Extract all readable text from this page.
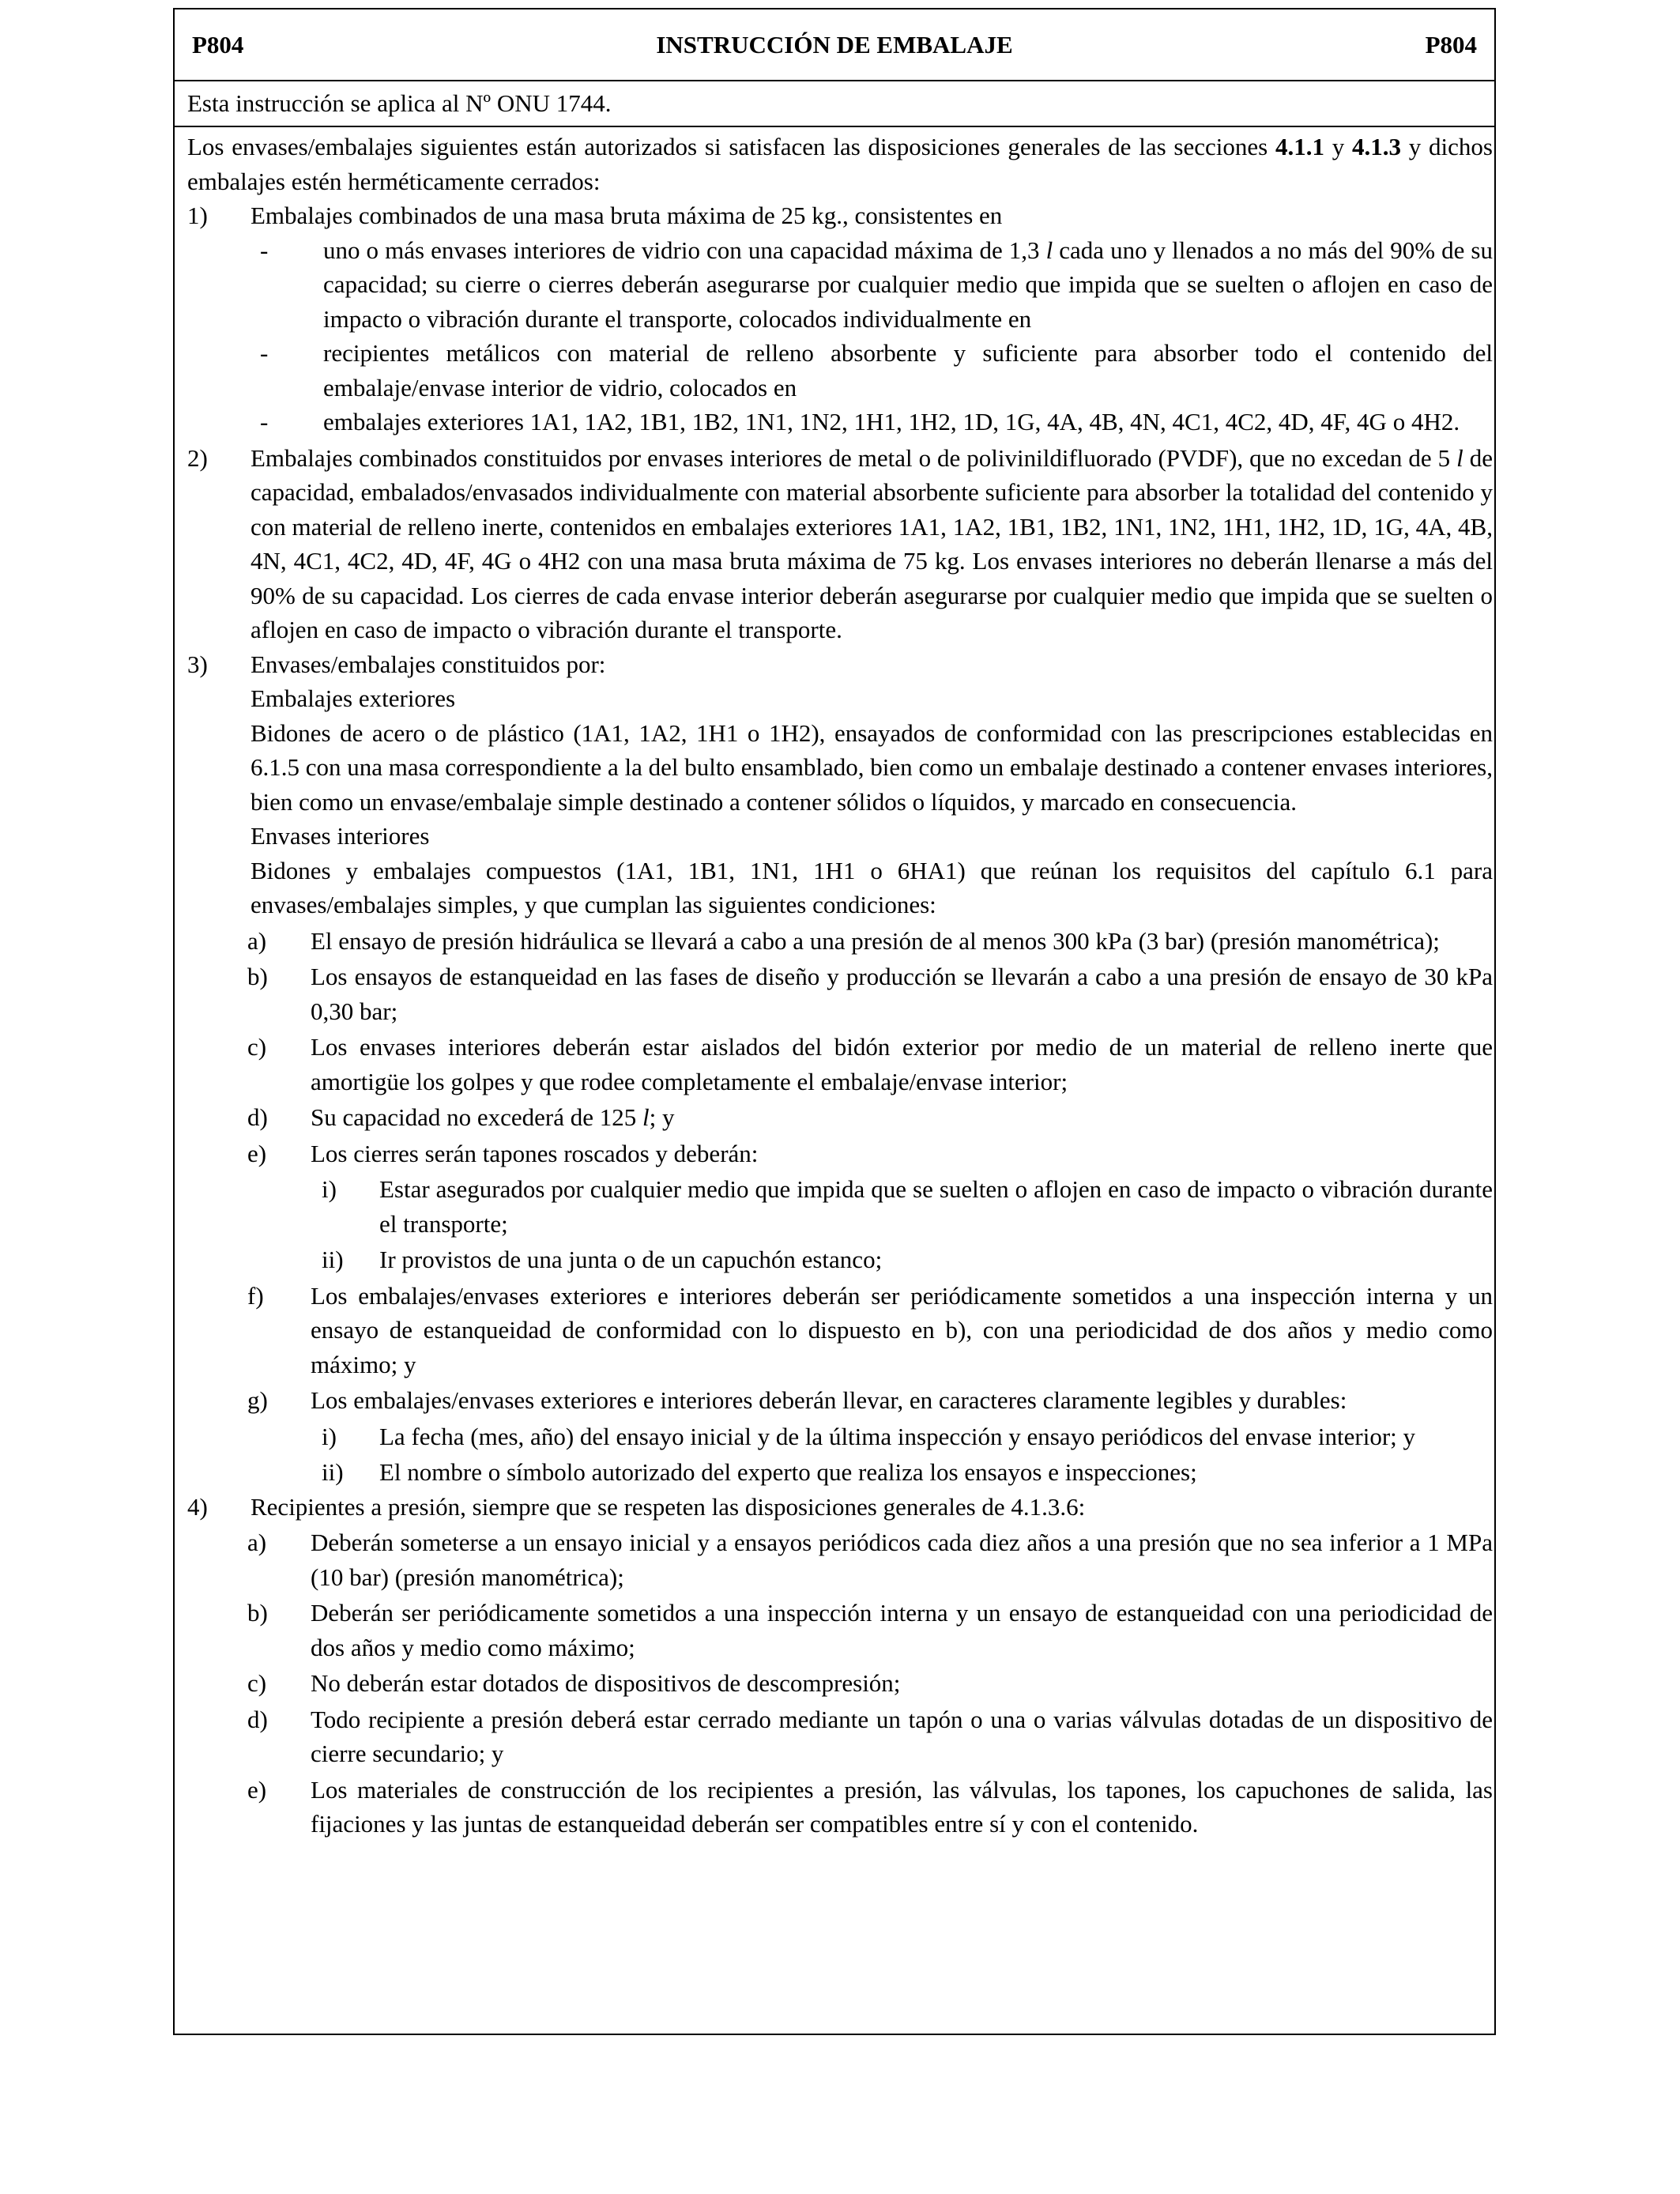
P804	INSTRUCCIÓN DE EMBALAJE	P804
Esta instrucción se aplica al Nº ONU 1744.

Los envases/embalajes siguientes están autorizados si satisfacen las disposiciones generales de las secciones 4.1.1 y 4.1.3 y dichos embalajes estén herméticamente cerrados:

1) Embalajes combinados de una masa bruta máxima de 25 kg., consistentes en
- uno o más envases interiores de vidrio con una capacidad máxima de 1,3 l cada uno y llenados a no más del 90% de su capacidad; su cierre o cierres deberán asegurarse por cualquier medio que impida que se suelten o aflojen en caso de impacto o vibración durante el transporte, colocados individualmente en
- recipientes metálicos con material de relleno absorbente y suficiente para absorber todo el contenido del embalaje/envase interior de vidrio, colocados en
- embalajes exteriores 1A1, 1A2, 1B1, 1B2, 1N1, 1N2, 1H1, 1H2, 1D, 1G, 4A, 4B, 4N, 4C1, 4C2, 4D, 4F, 4G o 4H2.
2) Embalajes combinados constituidos por envases interiores de metal o de polivinildifluorado (PVDF), que no excedan de 5 l de capacidad, embalados/envasados individualmente con material absorbente suficiente para absorber la totalidad del contenido y con material de relleno inerte, contenidos en embalajes exteriores 1A1, 1A2, 1B1, 1B2, 1N1, 1N2, 1H1, 1H2, 1D, 1G, 4A, 4B, 4N, 4C1, 4C2, 4D, 4F, 4G o 4H2 con una masa bruta máxima de 75 kg. Los envases interiores no deberán llenarse a más del 90% de su capacidad. Los cierres de cada envase interior deberán asegurarse por cualquier medio que impida que se suelten o aflojen en caso de impacto o vibración durante el transporte.
3) Envases/embalajes constituidos por:

Embalajes exteriores

Bidones de acero o de plástico (1A1, 1A2, 1H1 o 1H2), ensayados de conformidad con las prescripciones establecidas en 6.1.5 con una masa correspondiente a la del bulto ensamblado, bien como un embalaje destinado a contener envases interiores, bien como un envase/embalaje simple destinado a contener sólidos o líquidos, y marcado en consecuencia.

Envases interiores

Bidones y embalajes compuestos (1A1, 1B1, 1N1, 1H1 o 6HA1) que reúnan los requisitos del capítulo 6.1 para envases/embalajes simples, y que cumplan las siguientes condiciones:

a) El ensayo de presión hidráulica se llevará a cabo a una presión de al menos 300 kPa (3 bar) (presión manométrica);
b) Los ensayos de estanqueidad en las fases de diseño y producción se llevarán a cabo a una presión de ensayo de 30 kPa 0,30 bar;
c) Los envases interiores deberán estar aislados del bidón exterior por medio de un material de relleno inerte que amortigüe los golpes y que rodee completamente el embalaje/envase interior;
d) Su capacidad no excederá de 125 l; y
e) Los cierres serán tapones roscados y deberán:
i) Estar asegurados por cualquier medio que impida que se suelten o aflojen en caso de impacto o vibración durante el transporte;
ii) Ir provistos de una junta o de un capuchón estanco;
f) Los embalajes/envases exteriores e interiores deberán ser periódicamente sometidos a una inspección interna y un ensayo de estanqueidad de conformidad con lo dispuesto en b), con una periodicidad de dos años y medio como máximo; y
g) Los embalajes/envases exteriores e interiores deberán llevar, en caracteres claramente legibles y durables:
i) La fecha (mes, año) del ensayo inicial y de la última inspección y ensayo periódicos del envase interior; y
ii) El nombre o símbolo autorizado del experto que realiza los ensayos e inspecciones;
4) Recipientes a presión, siempre que se respeten las disposiciones generales de 4.1.3.6:
a) Deberán someterse a un ensayo inicial y a ensayos periódicos cada diez años a una presión que no sea inferior a 1 MPa (10 bar) (presión manométrica);
b) Deberán ser periódicamente sometidos a una inspección interna y un ensayo de estanqueidad con una periodicidad de dos años y medio como máximo;
c) No deberán estar dotados de dispositivos de descompresión;
d) Todo recipiente a presión deberá estar cerrado mediante un tapón o una o varias válvulas dotadas de un dispositivo de cierre secundario; y
e) Los materiales de construcción de los recipientes a presión, las válvulas, los tapones, los capuchones de salida, las fijaciones y las juntas de estanqueidad deberán ser compatibles entre sí y con el contenido.
